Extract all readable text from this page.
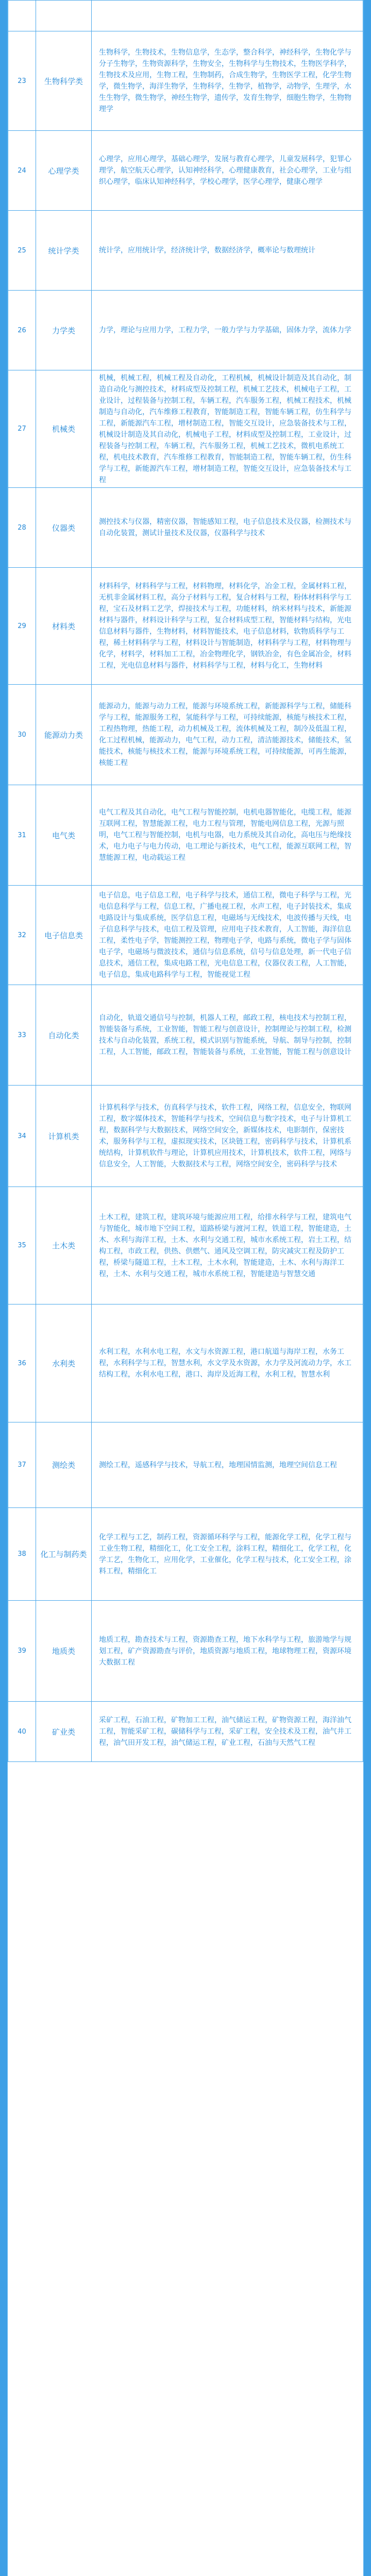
23	生物科学类	生物科学，生物技术，生物信息学，生态学，整合科学，神经科学，生物化学与分子生物学，生物资源科学，生物安全，生物科学与生物技术，生物医学科学，生物技术及应用，生物工程，生物制药，合成生物学，生物医学工程，化学生物学，微生物学，海洋生物学，生物科学，生物学，植物学，动物学，生理学，水生生物学，微生物学，神经生物学，遗传学，发育生物学，细胞生物学，生物物理学
24	心理学类	心理学，应用心理学，基础心理学，发展与教育心理学，儿童发展科学，犯罪心理学，航空航天心理学，认知神经科学，心理健康教育，社会心理学，工业与组织心理学，临床认知神经科学，学校心理学，医学心理学，健康心理学
25	统计学类	统计学，应用统计学，经济统计学，数据经济学，概率论与数理统计
26	力学类	力学，理论与应用力学，工程力学，一般力学与力学基础，固体力学，流体力学
27	机械类	机械，机械工程，机械工程及自动化，工程机械，机械设计制造及其自动化，制造自动化与测控技术，材料成型及控制工程，机械工艺技术，机械电子工程，工业设计，过程装备与控制工程，车辆工程，汽车服务工程，机械工程技术，机械制造与自动化，汽车维修工程教育，智能制造工程，智能车辆工程，仿生科学与工程，新能源汽车工程，增材制造工程，智能交互设计，应急装备技术与工程，机械设计制造及其自动化，机械电子工程，材料成型及控制工程，工业设计，过程装备与控制工程，车辆工程，汽车服务工程，机械工艺技术，微机电系统工程，机电技术教育，汽车维修工程教育，智能制造工程，智能车辆工程，仿生科学与工程，新能源汽车工程，增材制造工程，智能交互设计，应急装备技术与工程
28	仪器类	测控技术与仪器，精密仪器，智能感知工程，电子信息技术及仪器，检测技术与自动化装置，测试计量技术及仪器，仪器科学与技术
29	材料类	材料科学，材料科学与工程，材料物理，材料化学，冶金工程，金属材料工程，无机非金属材料工程，高分子材料与工程，复合材料与工程，粉体材料科学与工程，宝石及材料工艺学，焊接技术与工程，功能材料，纳米材料与技术，新能源材料与器件，材料设计科学与工程，复合材料成型工程，智能材料与结构，光电信息材料与器件，生物材料，材料智能技术，电子信息材料，软物质科学与工程，稀土材料科学与工程，材料设计与智能制造，材料科学与工程，材料物理与化学，材料学，材料加工工程，冶金物理化学，钢铁冶金，有色金属冶金，材料工程，光电信息材料与器件，材料科学与工程，材料与化工，生物材料
30	能源动力类	能源动力，能源与动力工程，能源与环境系统工程，新能源科学与工程，储能科学与工程，能源服务工程，氢能科学与工程，可持续能源，核能与核技术工程，工程热物理，热能工程，动力机械及工程，流体机械及工程，制冷及低温工程，化工过程机械，能源动力，电气工程，动力工程，清洁能源技术，储能技术，氢能技术，核能与核技术工程，能源与环境系统工程，可持续能源，可再生能源，核能工程
31	电气类	电气工程及其自动化，电气工程与智能控制，电机电器智能化，电缆工程，能源互联网工程，智慧能源工程，电力工程与管理，智能电网信息工程，光源与照明，电气工程与智能控制，电机与电器，电力系统及其自动化，高电压与绝缘技术，电力电子与电力传动，电工理论与新技术，电气工程，能源互联网工程，智慧能源工程，电动载运工程
32	电子信息类	电子信息，电子信息工程，电子科学与技术，通信工程，微电子科学与工程，光电信息科学与工程，信息工程，广播电视工程，水声工程，电子封装技术，集成电路设计与集成系统，医学信息工程，电磁场与无线技术，电波传播与天线，电子信息科学与技术，电信工程及管理，应用电子技术教育，人工智能，海洋信息工程，柔性电子学，智能测控工程，物理电子学，电路与系统，微电子学与固体电子学，电磁场与微波技术，通信与信息系统，信号与信息处理，新一代电子信息技术，通信工程，集成电路工程，光电信息工程，仪器仪表工程，人工智能，电子信息，集成电路科学与工程，智能视觉工程
33	自动化类	自动化，轨道交通信号与控制，机器人工程，邮政工程，核电技术与控制工程，智能装备与系统，工业智能，智能工程与创意设计，控制理论与控制工程，检测技术与自动化装置，系统工程，模式识别与智能系统，导航、制导与控制，控制工程，人工智能，邮政工程，智能装备与系统，工业智能，智能工程与创意设计
34	计算机类	计算机科学与技术，仿真科学与技术，软件工程，网络工程，信息安全，物联网工程，数字媒体技术，智能科学与技术，空间信息与数字技术，电子与计算机工程，数据科学与大数据技术，网络空间安全，新媒体技术，电影制作，保密技术，服务科学与工程，虚拟现实技术，区块链工程，密码科学与技术，计算机系统结构，计算机软件与理论，计算机应用技术，计算机技术，软件工程，网络与信息安全，人工智能，大数据技术与工程，网络空间安全，密码科学与技术
35	土木类	土木工程，建筑工程，建筑环境与能源应用工程，给排水科学与工程，建筑电气与智能化，城市地下空间工程，道路桥梁与渡河工程，铁道工程，智能建造，土木、水利与海洋工程，土木、水利与交通工程，城市水系统工程，岩土工程，结构工程，市政工程，供热、供燃气、通风及空调工程，防灾减灾工程及防护工程，桥梁与隧道工程，土木工程，土木水利，智能建造，土木、水利与海洋工程，土木、水利与交通工程，城市水系统工程，智能建造与智慧交通
36	水利类	水利工程，水利水电工程，水文与水资源工程，港口航道与海岸工程，水务工程，水利科学与工程，智慧水利，水文学及水资源，水力学及河流动力学，水工结构工程，水利水电工程，港口、海岸及近海工程，水利工程，智慧水利
37	测绘类	测绘工程，遥感科学与技术，导航工程，地理国情监测，地理空间信息工程
38	化工与制药类	化学工程与工艺，制药工程，资源循环科学与工程，能源化学工程，化学工程与工业生物工程，精细化工，化工安全工程，涂料工程，精细化工，化学工程，化学工艺，生物化工，应用化学，工业催化，化学工程与技术，化工安全工程，涂料工程，精细化工
39	地质类	地质工程，勘查技术与工程，资源勘查工程，地下水科学与工程，旅游地学与规划工程，矿产资源勘查与评价，地质资源与地质工程，地球物理工程，资源环境大数据工程
40	矿业类	采矿工程，石油工程，矿物加工工程，油气储运工程，矿物资源工程，海洋油气工程，智能采矿工程，碳储科学与工程，采矿工程，安全技术及工程，油气井工程，油气田开发工程，油气储运工程，矿业工程，石油与天然气工程
